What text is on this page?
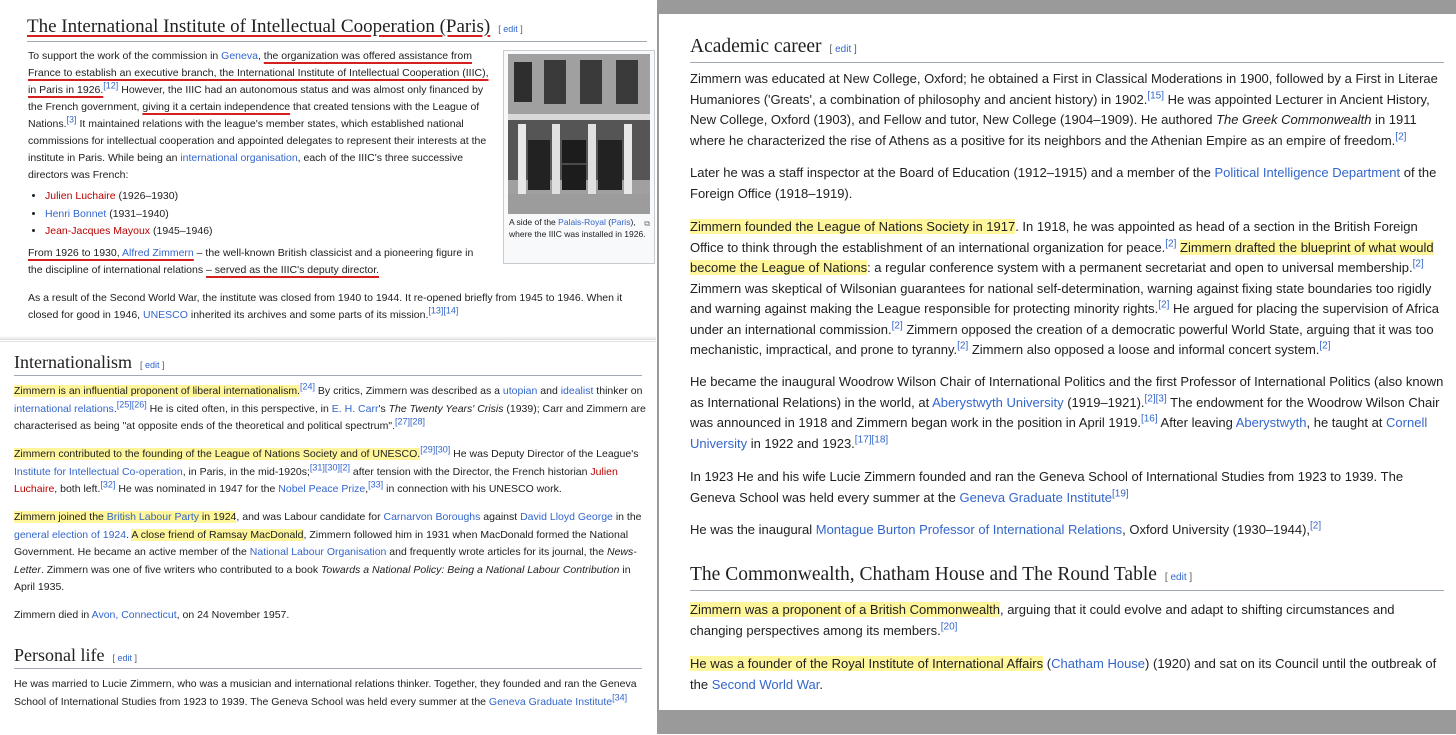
The International Institute of Intellectual Cooperation (Paris) [ edit ]

To support the work of the commission in Geneva, the organization was offered assistance from France to establish an executive branch, the International Institute of Intellectual Cooperation (IIIC), in Paris in 1926.[12] However, the IIIC had an autonomous status and was almost only financed by the French government, giving it a certain independence that created tensions with the League of Nations.[3] It maintained relations with the league's member states, which established national commissions for intellectual cooperation and appointed delegates to represent their interests at the institute in Paris. While being an international organisation, each of the IIIC's three successive directors was French:

• Julien Luchaire (1926–1930)
• Henri Bonnet (1931–1940)
• Jean-Jacques Mayoux (1945–1946)

From 1926 to 1930, Alfred Zimmern – the well-known British classicist and a pioneering figure in the discipline of international relations – served as the IIIC's deputy director.

A side of the Palais-Royal (Paris), where the IIIC was installed in 1926.
⧉

As a result of the Second World War, the institute was closed from 1940 to 1944. It re-opened briefly from 1945 to 1946. When it closed for good in 1946, UNESCO inherited its archives and some parts of its mission.[13][14]

Internationalism [ edit ]

Zimmern is an influential proponent of liberal internationalism.[24] By critics, Zimmern was described as a utopian and idealist thinker on international relations.[25][26] He is cited often, in this perspective, in E. H. Carr's The Twenty Years' Crisis (1939); Carr and Zimmern are characterised as being "at opposite ends of the theoretical and political spectrum".[27][28]

Zimmern contributed to the founding of the League of Nations Society and of UNESCO.[29][30] He was Deputy Director of the League's Institute for Intellectual Co-operation, in Paris, in the mid-1920s;[31][30][2] after tension with the Director, the French historian Julien Luchaire, both left.[32] He was nominated in 1947 for the Nobel Peace Prize,[33] in connection with his UNESCO work.

Zimmern joined the British Labour Party in 1924, and was Labour candidate for Carnarvon Boroughs against David Lloyd George in the general election of 1924. A close friend of Ramsay MacDonald, Zimmern followed him in 1931 when MacDonald formed the National Government. He became an active member of the National Labour Organisation and frequently wrote articles for its journal, the News-Letter. Zimmern was one of five writers who contributed to a book Towards a National Policy: Being a National Labour Contribution in April 1935.

Zimmern died in Avon, Connecticut, on 24 November 1957.

Personal life [ edit ]

He was married to Lucie Zimmern, who was a musician and international relations thinker. Together, they founded and ran the Geneva School of International Studies from 1923 to 1939. The Geneva School was held every summer at the Geneva Graduate Institute[34]

Academic career [ edit ]

Zimmern was educated at New College, Oxford; he obtained a First in Classical Moderations in 1900, followed by a First in Literae Humaniores ('Greats', a combination of philosophy and ancient history) in 1902.[15] He was appointed Lecturer in Ancient History, New College, Oxford (1903), and Fellow and tutor, New College (1904–1909). He authored The Greek Commonwealth in 1911 where he characterized the rise of Athens as a positive for its neighbors and the Athenian Empire as an empire of freedom.[2]

Later he was a staff inspector at the Board of Education (1912–1915) and a member of the Political Intelligence Department of the Foreign Office (1918–1919).

Zimmern founded the League of Nations Society in 1917. In 1918, he was appointed as head of a section in the British Foreign Office to think through the establishment of an international organization for peace.[2] Zimmern drafted the blueprint of what would become the League of Nations: a regular conference system with a permanent secretariat and open to universal membership.[2] Zimmern was skeptical of Wilsonian guarantees for national self-determination, warning against fixing state boundaries too rigidly and warning against making the League responsible for protecting minority rights.[2] He argued for placing the supervision of Africa under an international commission.[2] Zimmern opposed the creation of a democratic powerful World State, arguing that it was too mechanistic, impractical, and prone to tyranny.[2] Zimmern also opposed a loose and informal concert system.[2]

He became the inaugural Woodrow Wilson Chair of International Politics and the first Professor of International Politics (also known as International Relations) in the world, at Aberystwyth University (1919–1921).[2][3] The endowment for the Woodrow Wilson Chair was announced in 1918 and Zimmern began work in the position in April 1919.[16] After leaving Aberystwyth, he taught at Cornell University in 1922 and 1923.[17][18]

In 1923 He and his wife Lucie Zimmern founded and ran the Geneva School of International Studies from 1923 to 1939. The Geneva School was held every summer at the Geneva Graduate Institute[19]

He was the inaugural Montague Burton Professor of International Relations, Oxford University (1930–1944),[2]

The Commonwealth, Chatham House and The Round Table [ edit ]

Zimmern was a proponent of a British Commonwealth, arguing that it could evolve and adapt to shifting circumstances and changing perspectives among its members.[20]

He was a founder of the Royal Institute of International Affairs (Chatham House) (1920) and sat on its Council until the outbreak of the Second World War.
